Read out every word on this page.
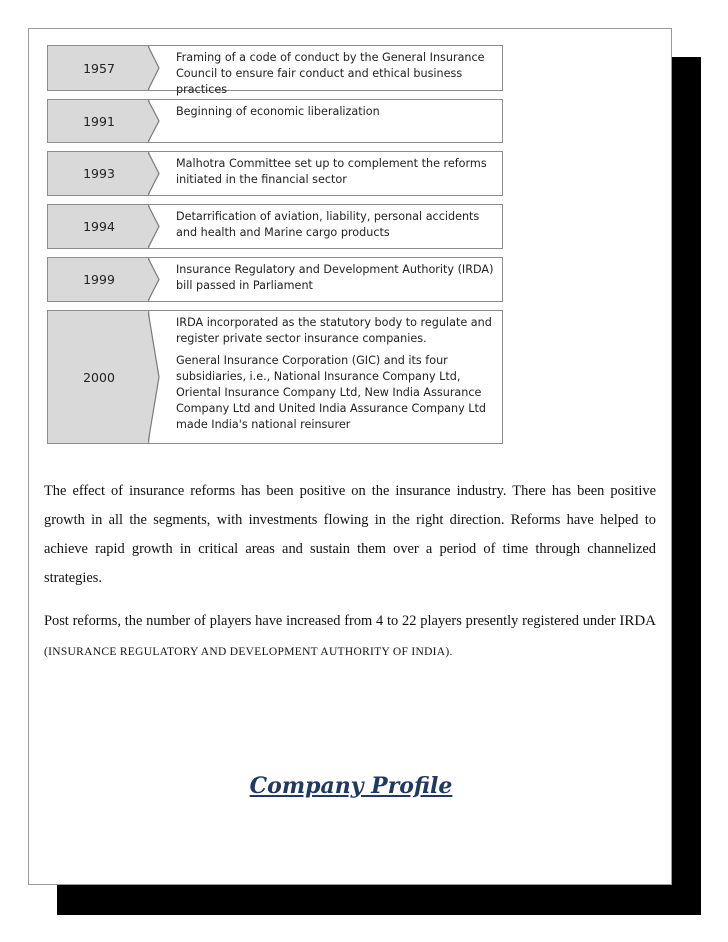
1957

Framing of a code of conduct by the General Insurance Council to ensure fair conduct and ethical business practices

1991

Beginning of economic liberalization

1993

Malhotra Committee set up to complement the reforms initiated in the financial sector

1994

Detarrification of aviation, liability, personal accidents and health and Marine cargo products

1999

Insurance Regulatory and Development Authority (IRDA) bill passed in Parliament

2000

IRDA incorporated as the statutory body to regulate and register private sector insurance companies.

General Insurance Corporation (GIC) and its four subsidiaries, i.e., National Insurance Company Ltd, Oriental Insurance Company Ltd, New India Assurance Company Ltd and United India Assurance Company Ltd made India's national reinsurer

The effect of insurance reforms has been positive on the insurance industry. There has been positive growth in all the segments, with investments flowing in the right direction. Reforms have helped to achieve rapid growth in critical areas and sustain them over a period of time through channelized strategies.
Post reforms, the number of players have increased from 4 to 22 players presently registered under IRDA (INSURANCE REGULATORY AND DEVELOPMENT AUTHORITY OF INDIA).
Company Profile
